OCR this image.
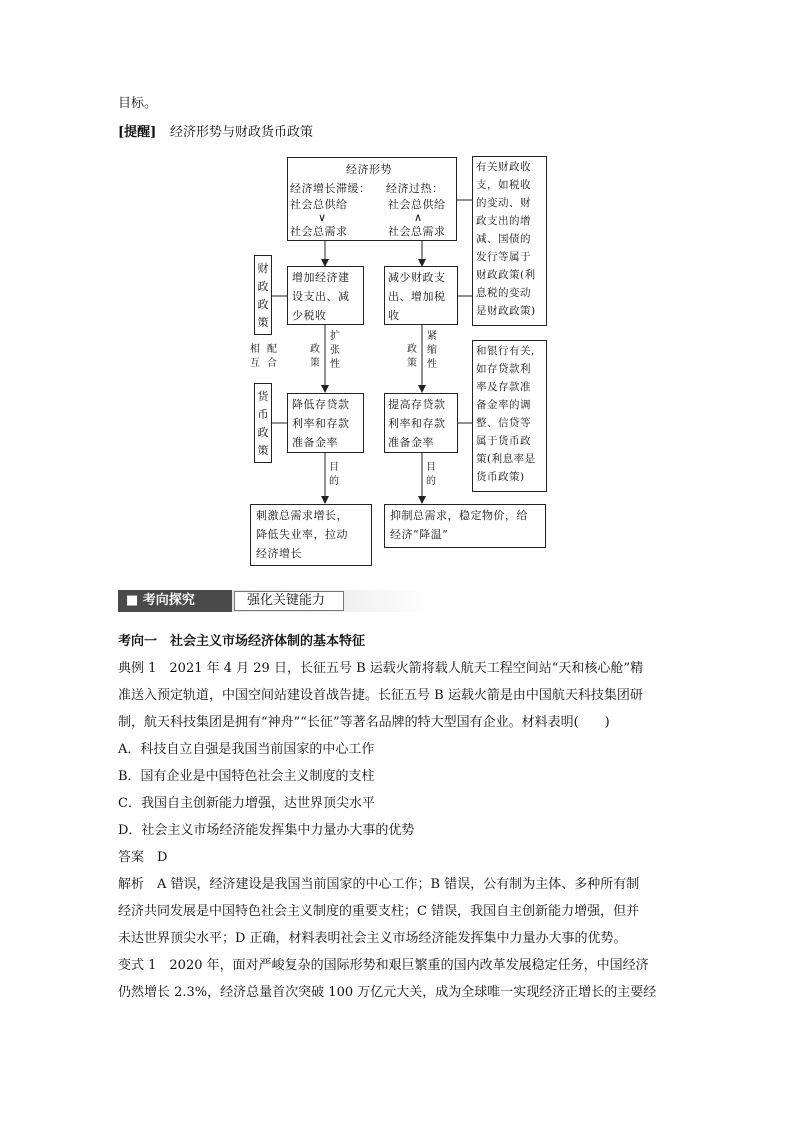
目标。
[提醒] 经济形势与财政货币政策
经济形势
经济增长滞缓：
社会总供给
∨
社会总需求
经济过热：
社会总供给
∧
社会总需求
有关财政收
支，如税收
的变动、财
政支出的增
减、国债的
发行等属于
财政政策(利
息税的变动
是财政政策)
和银行有关,
如存贷款利
率及存款准
备金率的调
整、信贷等
属于货币政
策(利息率是
货币政策)
财政政策
相互
配合
货币政策
增加经济建
设支出、减
少税收
减少财政支
出、增加税
收
政策
扩张性
政策
紧缩性
降低存贷款
利率和存款
准备金率
提高存贷款
利率和存款
准备金率
目的
目的
刺激总需求增长，
降低失业率，拉动
经济增长
抑制总需求，稳定物价，给
经济“降温”
■ 考向探究	强化关键能力
考向一　社会主义市场经济体制的基本特征
典例 1　2021 年 4 月 29 日，长征五号 B 运载火箭将载人航天工程空间站“天和核心舱”精
准送入预定轨道，中国空间站建设首战告捷。长征五号 B 运载火箭是由中国航天科技集团研
制，航天科技集团是拥有“神舟”“长征”等著名品牌的特大型国有企业。材料表明(　　)
A．科技自立自强是我国当前国家的中心工作
B．国有企业是中国特色社会主义制度的支柱
C．我国自主创新能力增强，达世界顶尖水平
D．社会主义市场经济能发挥集中力量办大事的优势
答案　D
解析　A 错误，经济建设是我国当前国家的中心工作；B 错误，公有制为主体、多种所有制
经济共同发展是中国特色社会主义制度的重要支柱；C 错误，我国自主创新能力增强，但并
未达世界顶尖水平；D 正确，材料表明社会主义市场经济能发挥集中力量办大事的优势。
变式 1　2020 年，面对严峻复杂的国际形势和艰巨繁重的国内改革发展稳定任务，中国经济
仍然增长 2.3%，经济总量首次突破 100 万亿元大关，成为全球唯一实现经济正增长的主要经
